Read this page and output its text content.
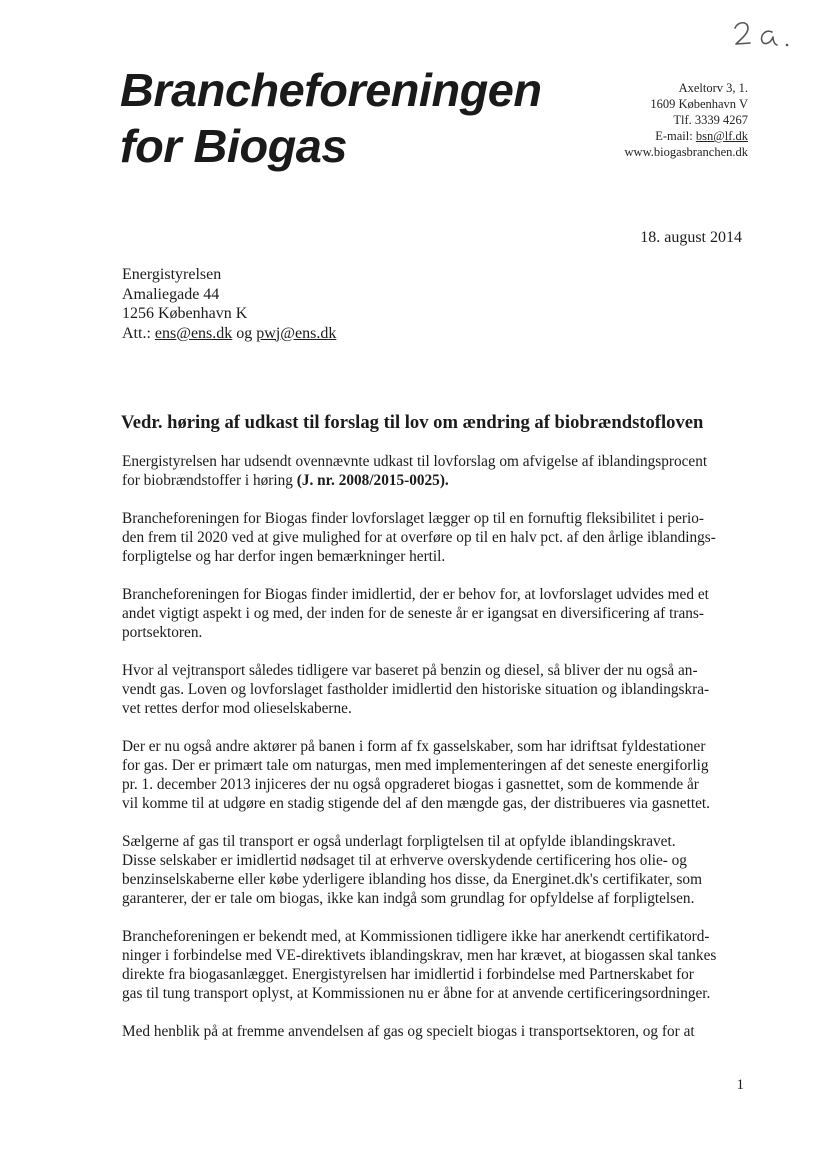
Brancheforeningen
for Biogas
Axeltorv 3, 1.
1609 København V
Tlf. 3339 4267
E-mail: bsn@lf.dk
www.biogasbranchen.dk
18. august 2014
Energistyrelsen
Amaliegade 44
1256 København K
Att.: ens@ens.dk og pwj@ens.dk
Vedr. høring af udkast til forslag til lov om ændring af biobrændstofloven

Energistyrelsen har udsendt ovennævnte udkast til lovforslag om afvigelse af iblandingsprocent
for biobrændstoffer i høring (J. nr. 2008/2015-0025).

Brancheforeningen for Biogas finder lovforslaget lægger op til en fornuftig fleksibilitet i perio-
den frem til 2020 ved at give mulighed for at overføre op til en halv pct. af den årlige iblandings-
forpligtelse og har derfor ingen bemærkninger hertil.

Brancheforeningen for Biogas finder imidlertid, der er behov for, at lovforslaget udvides med et
andet vigtigt aspekt i og med, der inden for de seneste år er igangsat en diversificering af trans-
portsektoren.

Hvor al vejtransport således tidligere var baseret på benzin og diesel, så bliver der nu også an-
vendt gas. Loven og lovforslaget fastholder imidlertid den historiske situation og iblandingskra-
vet rettes derfor mod olieselskaberne.

Der er nu også andre aktører på banen i form af fx gasselskaber, som har idriftsat fyldestationer
for gas. Der er primært tale om naturgas, men med implementeringen af det seneste energiforlig
pr. 1. december 2013 injiceres der nu også opgraderet biogas i gasnettet, som de kommende år
vil komme til at udgøre en stadig stigende del af den mængde gas, der distribueres via gasnettet.

Sælgerne af gas til transport er også underlagt forpligtelsen til at opfylde iblandingskravet.
Disse selskaber er imidlertid nødsaget til at erhverve overskydende certificering hos olie- og
benzinselskaberne eller købe yderligere iblanding hos disse, da Energinet.dk's certifikater, som
garanterer, der er tale om biogas, ikke kan indgå som grundlag for opfyldelse af forpligtelsen.

Brancheforeningen er bekendt med, at Kommissionen tidligere ikke har anerkendt certifikatord-
ninger i forbindelse med VE-direktivets iblandingskrav, men har krævet, at biogassen skal tankes
direkte fra biogasanlægget. Energistyrelsen har imidlertid i forbindelse med Partnerskabet for
gas til tung transport oplyst, at Kommissionen nu er åbne for at anvende certificeringsordninger.

Med henblik på at fremme anvendelsen af gas og specielt biogas i transportsektoren, og for at

1
